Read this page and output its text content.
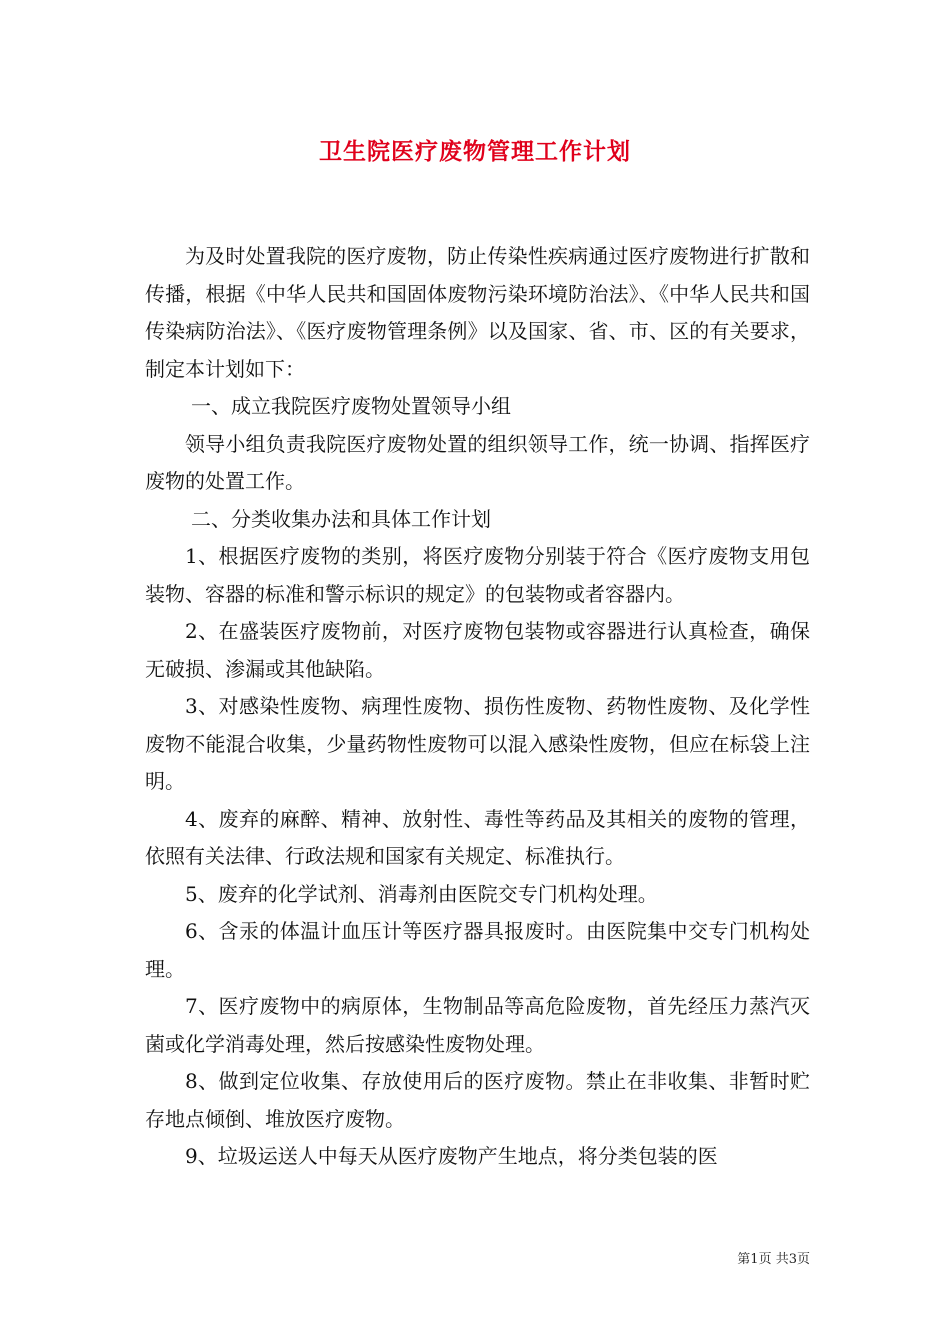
卫生院医疗废物管理工作计划

为及时处置我院的医疗废物，防止传染性疾病通过医疗废物进行扩散和传播，根据《中华人民共和国固体废物污染环境防治法》、《中华人民共和国传染病防治法》、《医疗废物管理条例》以及国家、省、市、区的有关要求，制定本计划如下：

一、成立我院医疗废物处置领导小组

领导小组负责我院医疗废物处置的组织领导工作，统一协调、指挥医疗废物的处置工作。

二、分类收集办法和具体工作计划

1、根据医疗废物的类别，将医疗废物分别装于符合《医疗废物支用包装物、容器的标准和警示标识的规定》的包装物或者容器内。

2、在盛装医疗废物前，对医疗废物包装物或容器进行认真检查，确保无破损、渗漏或其他缺陷。

3、对感染性废物、病理性废物、损伤性废物、药物性废物、及化学性废物不能混合收集，少量药物性废物可以混入感染性废物，但应在标袋上注明。

4、废弃的麻醉、精神、放射性、毒性等药品及其相关的废物的管理，依照有关法律、行政法规和国家有关规定、标准执行。

5、废弃的化学试剂、消毒剂由医院交专门机构处理。

6、含汞的体温计血压计等医疗器具报废时。由医院集中交专门机构处理。

7、医疗废物中的病原体，生物制品等高危险废物，首先经压力蒸汽灭菌或化学消毒处理，然后按感染性废物处理。

8、做到定位收集、存放使用后的医疗废物。禁止在非收集、非暂时贮存地点倾倒、堆放医疗废物。

9、垃圾运送人中每天从医疗废物产生地点，将分类包装的医

第1页 共3页
